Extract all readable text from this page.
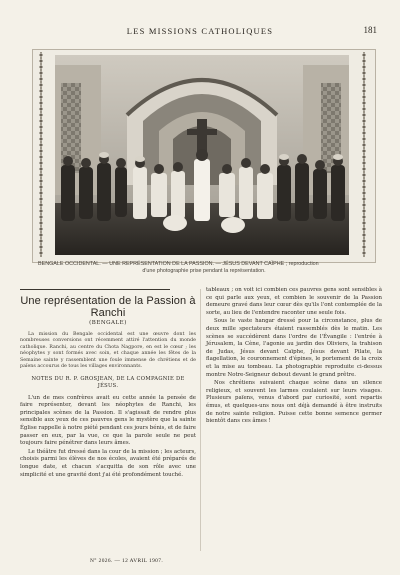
LES MISSIONS CATHOLIQUES	181
BENGALE OCCIDENTAL. — UNE REPRÉSENTATION DE LA PASSION. — JÉSUS DEVANT CAÏPHE ; reproduction
d'une photographie prise pendant la représentation.
Une représentation de la Passion à Ranchi
(BENGALE)

La mission du Bengale occidental est une œuvre dont les nombreuses conversions ont récemment attiré l'attention du monde catholique. Ranchi, au centre du Chota Nagpore, en est le cœur ; les néophytes y sont formés avec soin, et chaque année les fêtes de la Semaine sainte y rassemblent une foule immense de chrétiens et de païens accourus de tous les villages environnants.

NOTES DU R. P. GROSJEAN, DE LA COMPAGNIE DE JÉSUS.

L'un de mes confrères avait eu cette année la pensée de faire représenter, devant les néophytes de Ranchi, les principales scènes de la Passion. Il s'agissait de rendre plus sensible aux yeux de ces pauvres gens le mystère que la sainte Église rappelle à notre piété pendant ces jours bénis, et de faire passer en eux, par la vue, ce que la parole seule ne peut toujours faire pénétrer dans leurs âmes.

Le théâtre fut dressé dans la cour de la mission ; les acteurs, choisis parmi les élèves de nos écoles, avaient été préparés de longue date, et chacun s'acquitta de son rôle avec une simplicité et une gravité dont j'ai été profondément touché.

tableaux ; on voit ici combien ces pauvres gens sont sensibles à ce qui parle aux yeux, et combien le souvenir de la Passion demeure gravé dans leur cœur dès qu'ils l'ont contemplée de la sorte, au lieu de l'entendre raconter une seule fois.

Sous le vaste hangar dressé pour la circonstance, plus de deux mille spectateurs étaient rassemblés dès le matin. Les scènes se succédèrent dans l'ordre de l'Évangile : l'entrée à Jérusalem, la Cène, l'agonie au jardin des Oliviers, la trahison de Judas, Jésus devant Caïphe, Jésus devant Pilate, la flagellation, le couronnement d'épines, le portement de la croix et la mise au tombeau. La photographie reproduite ci-dessus montre Notre-Seigneur debout devant le grand prêtre.

Nos chrétiens suivaient chaque scène dans un silence religieux, et souvent les larmes coulaient sur leurs visages. Plusieurs païens, venus d'abord par curiosité, sont repartis émus, et quelques-uns nous ont déjà demandé à être instruits de notre sainte religion. Puisse cette bonne semence germer bientôt dans ces âmes !

N° 2026. — 12 AVRIL 1907.
